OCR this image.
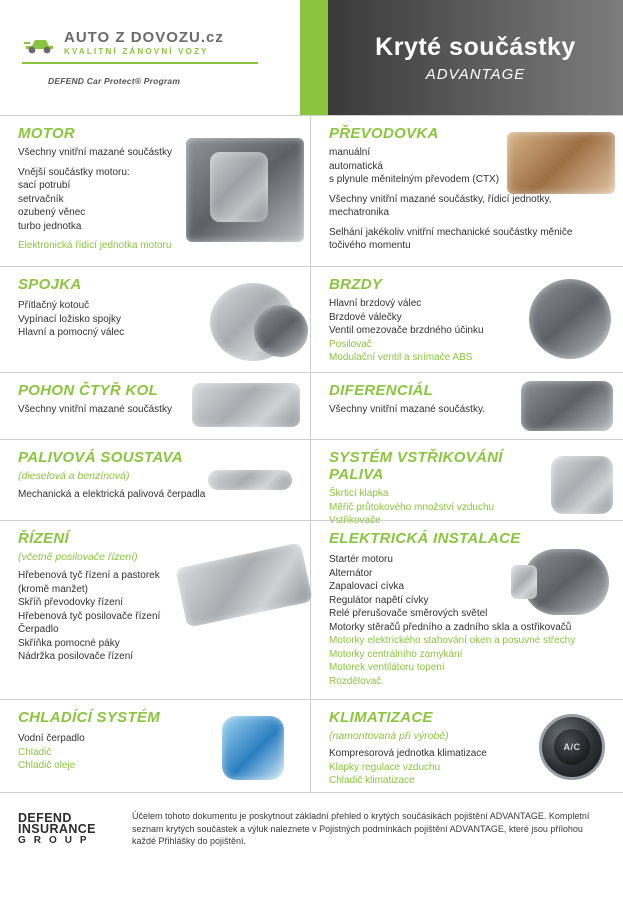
AUTO Z DOVOZU.cz
KVALITNÍ ZÁNOVNÍ VOZY
DEFEND Car Protect® Program
Kryté součástky
ADVANTAGE
MOTOR
Všechny vnitřní mazané součástky
Vnější součástky motoru:
sací potrubí
setrvačník
ozubený věnec
turbo jednotka
Elektronická řídicí jednotka motoru
PŘEVODOVKA
manuální
automatická
s plynule měnitelným převodem (CTX)
Všechny vnitřní mazané součástky, řídicí jednotky, mechatronika
Selhání jakékoliv vnitřní mechanické součástky měniče točivého momentu
SPOJKA
Přítlačný kotouč
Vypínací ložisko spojky
Hlavní a pomocný válec
BRZDY
Hlavní brzdový válec
Brzdové válečky
Ventil omezovače brzdného účinku
Posilovač
Modulační ventil a snímače ABS
POHON ČTYŘ KOL
Všechny vnitřní mazané součástky
DIFERENCIÁL
Všechny vnitřní mazané součástky.
PALIVOVÁ SOUSTAVA
(dieselová a benzínová)
Mechanická a elektrická palivová čerpadla
SYSTÉM VSTŘIKOVÁNÍ PALIVA
Škrticí klapka
Měřič průtokového množství vzduchu
Vstřikovače
ŘÍZENÍ
(včetně posilovače řízení)
Hřebenová tyč řízení a pastorek
(kromě manžet)
Skříň převodovky řízení
Hřebenová tyč posilovače řízení
Čerpadlo
Skříňka pomocné páky
Nádržka posilovače řízení
ELEKTRICKÁ INSTALACE
Startér motoru
Alternátor
Zapalovací cívka
Regulátor napětí cívky
Relé přerušovače směrových světel
Motorky stěračů předního a zadního skla a ostřikovačů
Motorky elektrického stahování oken a posuvné střechy
Motorky centrálního zamykání
Motorek ventilátoru topení
Rozdělovač
CHLADÍCÍ SYSTÉM
Vodní čerpadlo
Chladič
Chladič oleje
A/C
KLIMATIZACE
(namontovaná při výrobě)
Kompresorová jednotka klimatizace
Klapky regulace vzduchu
Chladič klimatizace
DEFEND
INSURANCE
G R O U P
Účelem tohoto dokumentu je poskytnout základní přehled o krytých součásikách pojištění ADVANTAGE. Kompletní seznam krytých součástek a výluk naleznete v Pojistných podmínkách pojištění ADVANTAGE, které jsou přílohou každé Přihlášky do pojištění.
